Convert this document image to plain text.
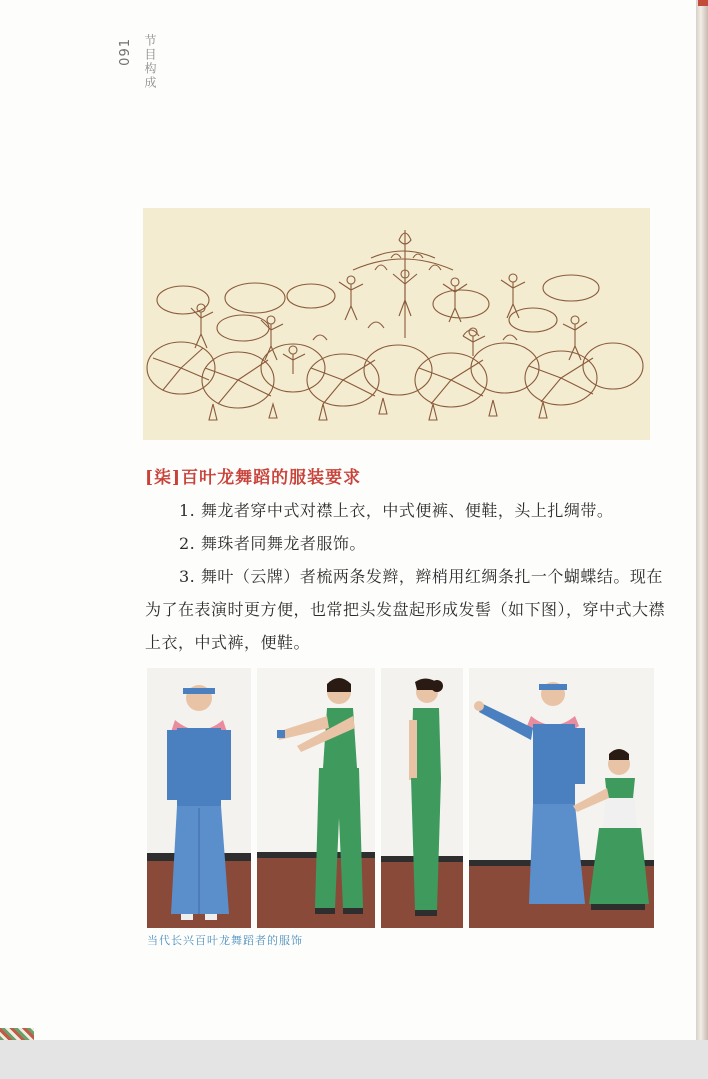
091 节目构成
[柒]百叶龙舞蹈的服装要求

1. 舞龙者穿中式对襟上衣，中式便裤、便鞋，头上扎绸带。

2. 舞珠者同舞龙者服饰。

3. 舞叶（云牌）者梳两条发辫，辫梢用红绸条扎一个蝴蝶结。现在为了在表演时更方便，也常把头发盘起形成发髻（如下图），穿中式大襟上衣，中式裤，便鞋。

当代长兴百叶龙舞蹈者的服饰
